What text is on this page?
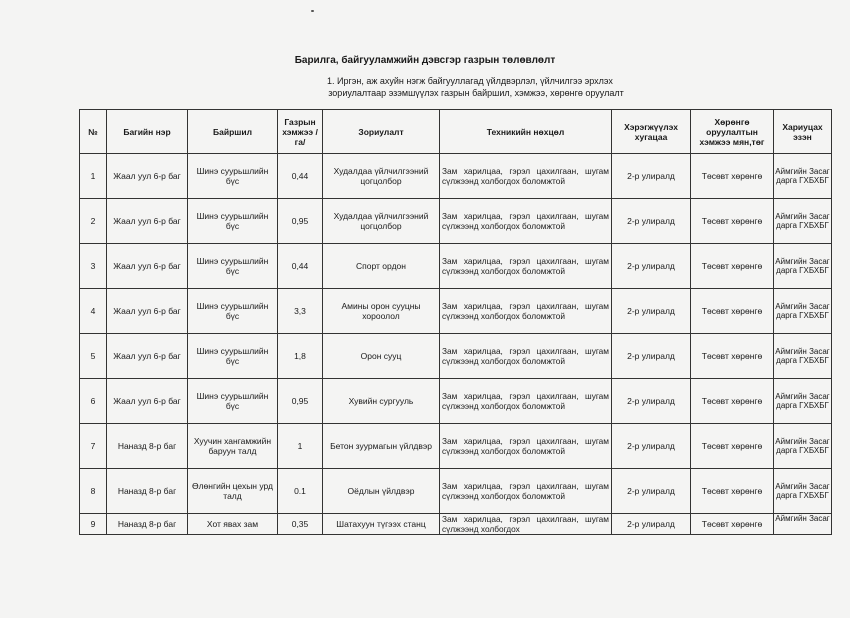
Барилга, байгууламжийн дэвсгэр газрын төлөвлөлт
1. Иргэн, аж ахуйн нэгж байгууллагад үйлдвэрлэл, үйлчилгээ эрхлэх
зориулалтаар эзэмшүүлэх газрын байршил, хэмжээ, хөрөнгө оруулалт
№	Багийн нэр	Байршил	Газрын хэмжээ /га/	Зориулалт	Техникийн нөхцөл	Хэрэгжүүлэх хугацаа	Хөрөнгө оруулалтын хэмжээ мян,төг	Хариуцах эзэн
1	Жаал уул 6-р баг	Шинэ суурьшлийн бүс	0,44	Худалдаа үйлчилгээний цогцолбор	Зам харилцаа, гэрэл цахилгаан, шугам сүлжээнд холбогдох боломжтой	2-р улиралд	Төсөвт хөрөнгө	Аймгийн Засаг дарга ГХБХБГ
2	Жаал уул 6-р баг	Шинэ суурьшлийн бүс	0,95	Худалдаа үйлчилгээний цогцолбор	Зам харилцаа, гэрэл цахилгаан, шугам сүлжээнд холбогдох боломжтой	2-р улиралд	Төсөвт хөрөнгө	Аймгийн Засаг дарга ГХБХБГ
3	Жаал уул 6-р баг	Шинэ суурьшлийн бүс	0,44	Спорт ордон	Зам харилцаа, гэрэл цахилгаан, шугам сүлжээнд холбогдох боломжтой	2-р улиралд	Төсөвт хөрөнгө	Аймгийн Засаг дарга ГХБХБГ
4	Жаал уул 6-р баг	Шинэ суурьшлийн бүс	3,3	Амины орон сууцны хороолол	Зам харилцаа, гэрэл цахилгаан, шугам сүлжээнд холбогдох боломжтой	2-р улиралд	Төсөвт хөрөнгө	Аймгийн Засаг дарга ГХБХБГ
5	Жаал уул 6-р баг	Шинэ суурьшлийн бүс	1,8	Орон сууц	Зам харилцаа, гэрэл цахилгаан, шугам сүлжээнд холбогдох боломжтой	2-р улиралд	Төсөвт хөрөнгө	Аймгийн Засаг дарга ГХБХБГ
6	Жаал уул 6-р баг	Шинэ суурьшлийн бүс	0,95	Хувийн сургууль	Зам харилцаа, гэрэл цахилгаан, шугам сүлжээнд холбогдох боломжтой	2-р улиралд	Төсөвт хөрөнгө	Аймгийн Засаг дарга ГХБХБГ
7	Наназд 8-р баг	Хуучин хангамжийн баруун талд	1	Бетон зуурмагын үйлдвэр	Зам харилцаа, гэрэл цахилгаан, шугам сүлжээнд холбогдох боломжтой	2-р улиралд	Төсөвт хөрөнгө	Аймгийн Засаг дарга ГХБХБГ
8	Наназд 8-р баг	Өлөнгийн цехын урд талд	0.1	Оёдлын үйлдвэр	Зам харилцаа, гэрэл цахилгаан, шугам сүлжээнд холбогдох боломжтой	2-р улиралд	Төсөвт хөрөнгө	Аймгийн Засаг дарга ГХБХБГ
9	Наназд 8-р баг	Хот явах зам	0,35	Шатахуун түгээх станц	Зам харилцаа, гэрэл цахилгаан, шугам сүлжээнд холбогдох	2-р улиралд	Төсөвт хөрөнгө	Аймгийн Засаг
